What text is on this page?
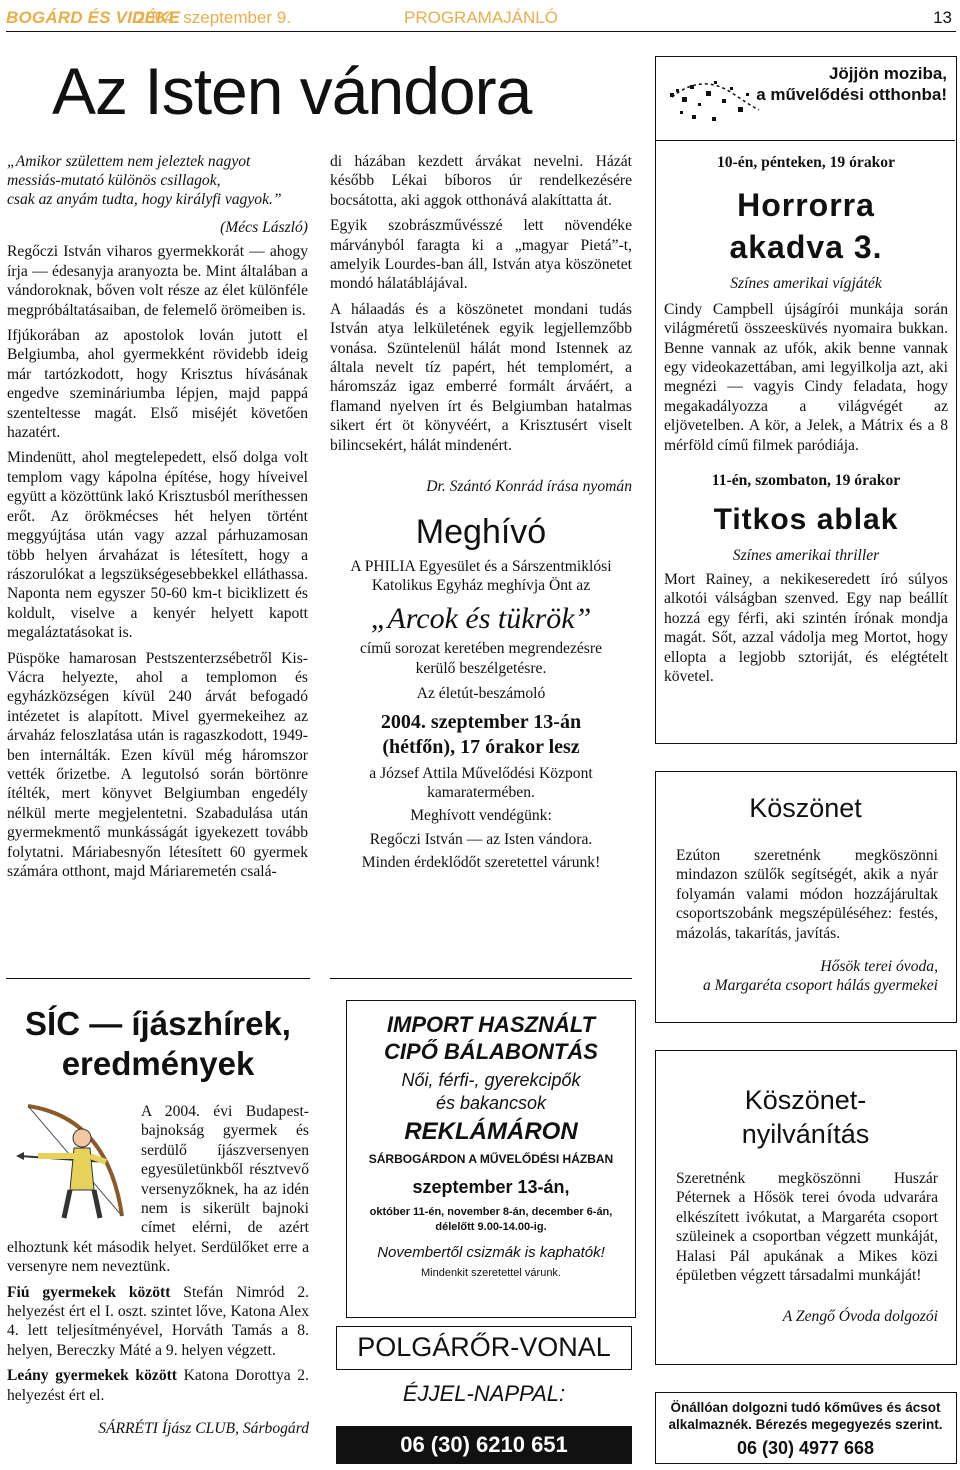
BOGÁRD ÉS VIDÉKE
2004. szeptember 9.	PROGRAMAJÁNLÓ	13
Az Isten vándora

„Amikor születtem nem jeleztek nagyot

messiás-mutató különös csillagok,

csak az anyám tudta, hogy királyfi vagyok.”

(Mécs László)

Regőczi István viharos gyermekkorát — ahogy írja — édesanyja aranyozta be. Mint általában a vándoroknak, bőven volt része az élet különféle megpróbáltatásaiban, de felemelő örömeiben is.

Ifjúkorában az apostolok lován jutott el Belgiumba, ahol gyermekként rövidebb ideig már tartózkodott, hogy Krisztus hívásának engedve szemináriumba lépjen, majd pappá szenteltesse magát. Első miséjét követően hazatért.

Mindenütt, ahol megtelepedett, első dolga volt templom vagy kápolna építése, hogy híveivel együtt a közöttünk lakó Krisztusból meríthessen erőt. Az örökmécses hét helyen történt meggyújtása után vagy azzal párhuzamosan több helyen árvaházat is létesített, hogy a rászorulókat a legszükségesebbekkel elláthassa. Naponta nem egyszer 50-60 km-t biciklizett és koldult, viselve a kenyér helyett kapott megaláztatásokat is.

Püspöke hamarosan Pestszenterzsébetről Kis-Vácra helyezte, ahol a templomon és egyházközségen kívül 240 árvát befogadó intézetet is alapított. Mivel gyermekeihez az árvaház feloszlatása után is ragaszkodott, 1949-ben internálták. Ezen kívül még háromszor vették őrizetbe. A legutolsó során börtönre ítélték, mert könyvet Belgiumban engedély nélkül merte megjelentetni. Szabadulása után gyermekmentő munkásságát igyekezett tovább folytatni. Máriabesnyőn létesített 60 gyermek számára otthont, majd Máriaremetén csalá-

di házában kezdett árvákat nevelni. Házát később Lékai bíboros úr rendelkezésére bocsátotta, aki aggok otthonává alakíttatta át.

Egyik szobrászművésszé lett növendéke márványból faragta ki a „magyar Pietá”-t, amelyik Lourdes-ban áll, István atya köszönetet mondó hálatáblájával.

A hálaadás és a köszönetet mondani tudás István atya lelkületének egyik legjellemzőbb vonása. Szüntelenül hálát mond Istennek az általa nevelt tíz papért, hét templomért, a háromszáz igaz emberré formált árváért, a flamand nyelven írt és Belgiumban hatalmas sikert ért öt könyvéért, a Krisztusért viselt bilincsekért, hálát mindenért.

Dr. Szántó Konrád írása nyomán

Meghívó

A PHILIA Egyesület és a Sárszentmiklósi Katolikus Egyház meghívja Önt az

„Arcok és tükrök”

című sorozat keretében megrendezésre kerülő beszélgetésre.

Az életút-beszámoló

2004. szeptember 13-án

(hétfőn), 17 órakor lesz

a József Attila Művelődési Központ kamaratermében.

Meghívott vendégünk:

Regőczi István — az Isten vándora.

Minden érdeklődőt szeretettel várunk!

SÍC — íjászhírek, eredmények

A 2004. évi Budapest-bajnokság gyermek és serdülő íjászversenyen egyesületünkből résztvevő versenyzőknek, ha az idén nem is sikerült bajnoki címet elérni, de azért elhoztunk két második helyet. Serdülőket erre a versenyre nem neveztünk.

Fiú gyermekek között Stefán Nimród 2. helyezést ért el I. oszt. szintet lőve, Katona Alex 4. lett teljesítményével, Horváth Tamás a 8. helyen, Bereczky Máté a 9. helyen végzett.

Leány gyermekek között Katona Dorottya 2. helyezést ért el.

SÁRRÉTI Íjász CLUB, Sárbogárd

Jöjjön moziba,
a művelődési otthonba!

10-én, pénteken, 19 órakor

Horrorra
akadva 3.

Színes amerikai vígjáték

Cindy Campbell újságírói munkája során világméretű összeesküvés nyomaira bukkan. Benne vannak az ufók, akik benne vannak egy videokazettában, ami legyilkolja azt, aki megnézi — vagyis Cindy feladata, hogy megakadályozza a világvégét az eljövetelben. A kör, a Jelek, a Mátrix és a 8 mérföld című filmek paródiája.

11-én, szombaton, 19 órakor

Titkos ablak

Színes amerikai thriller

Mort Rainey, a nekikeseredett író súlyos alkotói válságban szenved. Egy nap beállít hozzá egy férfi, aki szintén írónak mondja magát. Sőt, azzal vádolja meg Mortot, hogy ellopta a legjobb sztoriját, és elégtételt követel.

IMPORT HASZNÁLT
CIPŐ BÁLABONTÁS
Női, férfi-, gyerekcipők
és bakancsok
REKLÁMÁRON
SÁRBOGÁRDON A MŰVELŐDÉSI HÁZBAN
szeptember 13-án,
október 11-én, november 8-án, december 6-án,
délelőtt 9.00-14.00-ig.
Novembertől csizmák is kaphatók!
Mindenkit szeretettel várunk.
POLGÁRŐR-VONAL
ÉJJEL-NAPPAL:
06 (30) 6210 651
Köszönet

Ezúton szeretnénk megköszönni mindazon szülők segítségét, akik a nyár folyamán valami módon hozzájárultak csoportszobánk megszépüléséhez: festés, mázolás, takarítás, javítás.

Hősök terei óvoda,

a Margaréta csoport hálás gyermekei

Köszönet-
nyilvánítás

Szeretnénk megköszönni Huszár Péternek a Hősök terei óvoda udvarára elkészített ivókutat, a Margaréta csoport szüleinek a csoportban végzett munkáját, Halasi Pál apukának a Mikes közi épületben végzett társadalmi munkáját!

A Zengő Óvoda dolgozói

Önállóan dolgozni tudó kőműves és ácsot
alkalmaznék. Bérezés megegyezés szerint.
06 (30) 4977 668
